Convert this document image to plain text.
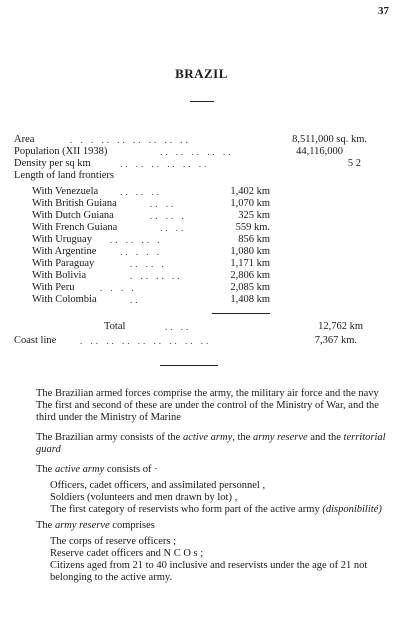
37
BRAZIL
Area	. . . .. .. .. .. .. ..	8,511,000 sq. km.
Population (XII 1938)	.. .. .. .. ..	44,116,000
Density per sq km	.. .. .. .. .. ..	5 2
Length of land frontiers
With Venezuela .. .. ..	1,402 km
With British Guiana	.. ..	1,070 km
With Dutch Guiana	.. .. .	325 km
With French Guiana	.. ..	559 km.
With Uruguay .. .. .. .	856 km
With Argentine	.. . . .	1,080 km
With Paraguay	.. .. .	1,171 km
With Bolivia	. .. .. ..	2,806 km
With Peru	. . . .	2,085 km
With Colombia	..	1,408 km
Total	.. ..	12,762 km
Coast line	. .. .. .. .. .. .. .. ..	7,367 km.

The Brazilian armed forces comprise the army, the military air force and the navy The first and second of these are under the control of the Ministry of War, and the third under the Ministry of Marine

The Brazilian army consists of the active army, the army reserve and the territorial guard

The active army consists of ·

Officers, cadet officers, and assimilated personnel ,

Soldiers (volunteers and men drawn by lot) ,

The first category of reservists who form part of the active army (disponibilité)

The army reserve comprises

The corps of reserve officers ;

Reserve cadet officers and N C O s ;

Citizens aged from 21 to 40 inclusive and reservists under the age of 21 not belonging to the active army.
